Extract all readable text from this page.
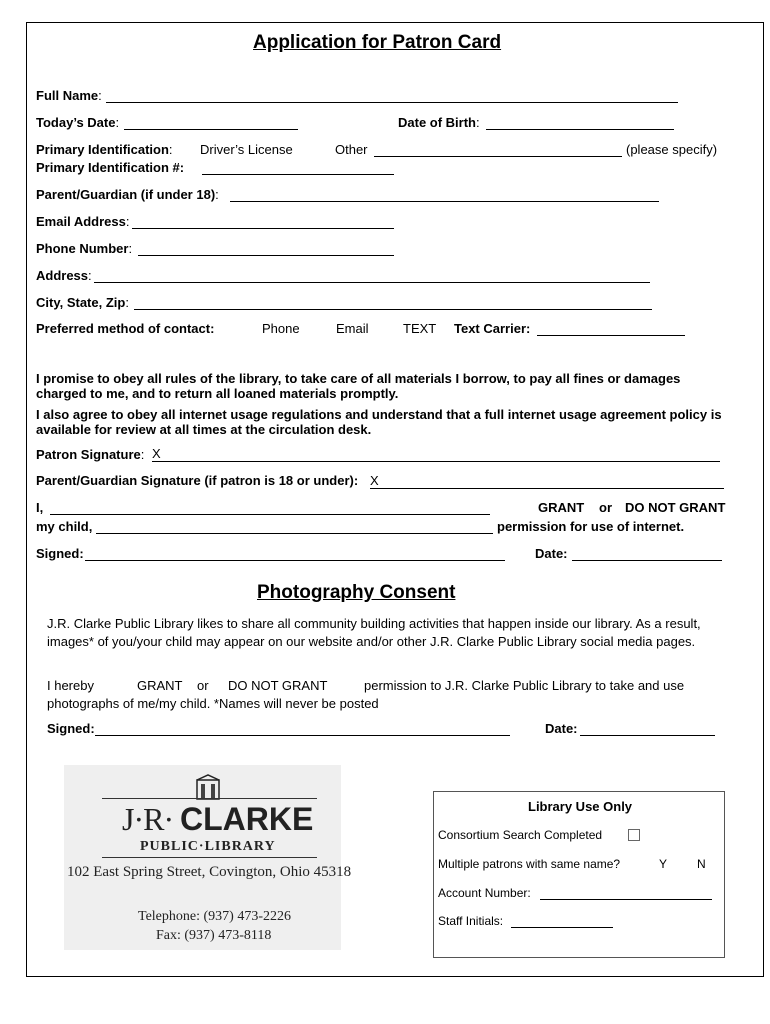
Application for Patron Card
Full Name:
Today’s Date:	Date of Birth:
Primary Identification: Driver’s License	Other	(please specify)
Primary Identification #:
Parent/Guardian (if under 18):
Email Address:
Phone Number:
Address:
City, State, Zip:
Preferred method of contact:	Phone	Email	TEXT Text Carrier:
I promise to obey all rules of the library, to take care of all materials I borrow, to pay all fines or damages charged to me, and to return all loaned materials promptly.
I also agree to obey all internet usage regulations and understand that a full internet usage agreement policy is available for review at all times at the circulation desk.
Patron Signature: X
Parent/Guardian Signature (if patron is 18 or under): X
I,	GRANT or DO NOT GRANT
my child,	permission for use of internet.
Signed:	Date:
Photography Consent
J.R. Clarke Public Library likes to share all community building activities that happen inside our library. As a result, images* of you/your child may appear on our website and/or other J.R. Clarke Public Library social media pages.
I hereby	GRANT or DO NOT GRANT	permission to J.R. Clarke Public Library to take and use
photographs of me/my child. *Names will never be posted
Signed:	Date:
J·R· CLARKE
PUBLIC·LIBRARY
102 East Spring Street, Covington, Ohio 45318
Telephone: (937) 473-2226
Fax: (937) 473-8118
Library Use Only
Consortium Search Completed
Multiple patrons with same name?	Y N
Account Number:
Staff Initials:
